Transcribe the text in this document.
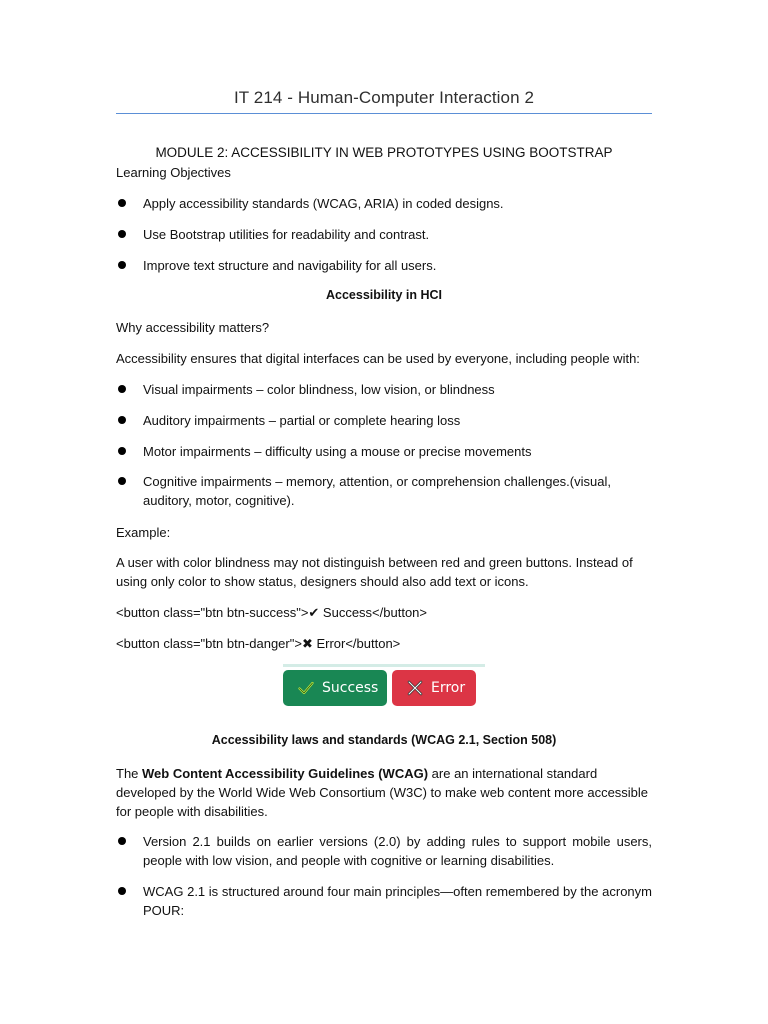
IT 214 - Human-Computer Interaction 2
MODULE 2: ACCESSIBILITY IN WEB PROTOTYPES USING BOOTSTRAP
Learning Objectives
Apply accessibility standards (WCAG, ARIA) in coded designs.
Use Bootstrap utilities for readability and contrast.
Improve text structure and navigability for all users.
Accessibility in HCI
Why accessibility matters?
Accessibility ensures that digital interfaces can be used by everyone, including people with:
Visual impairments – color blindness, low vision, or blindness
Auditory impairments – partial or complete hearing loss
Motor impairments – difficulty using a mouse or precise movements
Cognitive impairments – memory, attention, or comprehension challenges.(visual, auditory, motor, cognitive).
Example:
A user with color blindness may not distinguish between red and green buttons. Instead of using only color to show status, designers should also add text or icons.
<button class="btn btn-success">✔ Success</button>
<button class="btn btn-danger">✖ Error</button>
Accessibility laws and standards (WCAG 2.1, Section 508)
The Web Content Accessibility Guidelines (WCAG) are an international standard developed by the World Wide Web Consortium (W3C) to make web content more accessible for people with disabilities.
Version 2.1 builds on earlier versions (2.0) by adding rules to support mobile users, people with low vision, and people with cognitive or learning disabilities.
WCAG 2.1 is structured around four main principles—often remembered by the acronym POUR:
Success	Error
